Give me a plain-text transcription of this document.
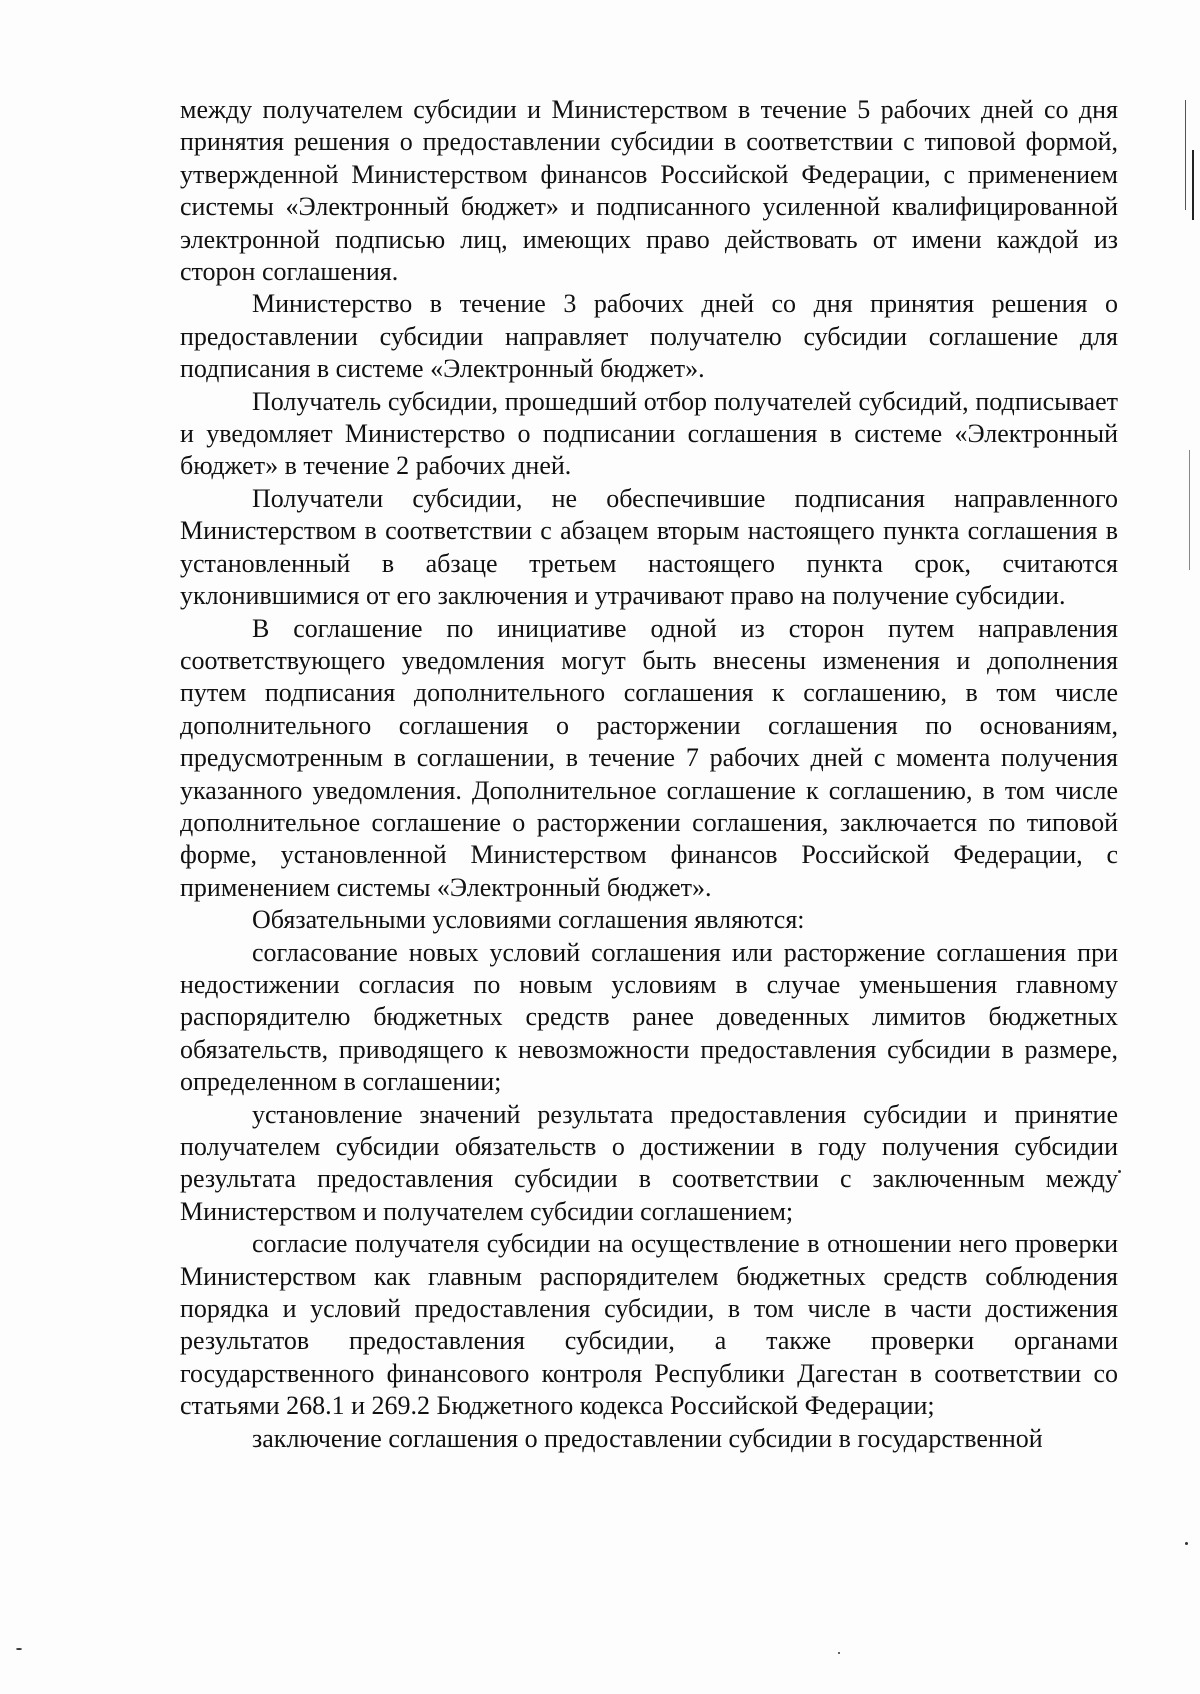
между получателем субсидии и Министерством в течение 5 рабочих дней со дня принятия решения о предоставлении субсидии в соответствии с типовой формой, утвержденной Министерством финансов Российской Федерации, с применением системы «Электронный бюджет» и подписанного усиленной квалифицированной электронной подписью лиц, имеющих право действовать от имени каждой из сторон соглашения.

Министерство в течение 3 рабочих дней со дня принятия решения о предоставлении субсидии направляет получателю субсидии соглашение для подписания в системе «Электронный бюджет».

Получатель субсидии, прошедший отбор получателей субсидий, подписывает и уведомляет Министерство о подписании соглашения в системе «Электронный бюджет» в течение 2 рабочих дней.

Получатели субсидии, не обеспечившие подписания направленного Министерством в соответствии с абзацем вторым настоящего пункта соглашения в установленный в абзаце третьем настоящего пункта срок, считаются уклонившимися от его заключения и утрачивают право на получение субсидии.

В соглашение по инициативе одной из сторон путем направления соответствующего уведомления могут быть внесены изменения и дополнения путем подписания дополнительного соглашения к соглашению, в том числе дополнительного соглашения о расторжении соглашения по основаниям, предусмотренным в соглашении, в течение 7 рабочих дней с момента получения указанного уведомления. Дополнительное соглашение к соглашению, в том числе дополнительное соглашение о расторжении соглашения, заключается по типовой форме, установленной Министерством финансов Российской Федерации, с применением системы «Электронный бюджет».

Обязательными условиями соглашения являются:

согласование новых условий соглашения или расторжение соглашения при недостижении согласия по новым условиям в случае уменьшения главному распорядителю бюджетных средств ранее доведенных лимитов бюджетных обязательств, приводящего к невозможности предоставления субсидии в размере, определенном в соглашении;

установление значений результата предоставления субсидии и принятие получателем субсидии обязательств о достижении в году получения субсидии результата предоставления субсидии в соответствии с заключенным между Министерством и получателем субсидии соглашением;

согласие получателя субсидии на осуществление в отношении него проверки Министерством как главным распорядителем бюджетных средств соблюдения порядка и условий предоставления субсидии, в том числе в части достижения результатов предоставления субсидии, а также проверки органами государственного финансового контроля Республики Дагестан в соответствии со статьями 268.1 и 269.2 Бюджетного кодекса Российской Федерации;

заключение соглашения о предоставлении субсидии в государственной
